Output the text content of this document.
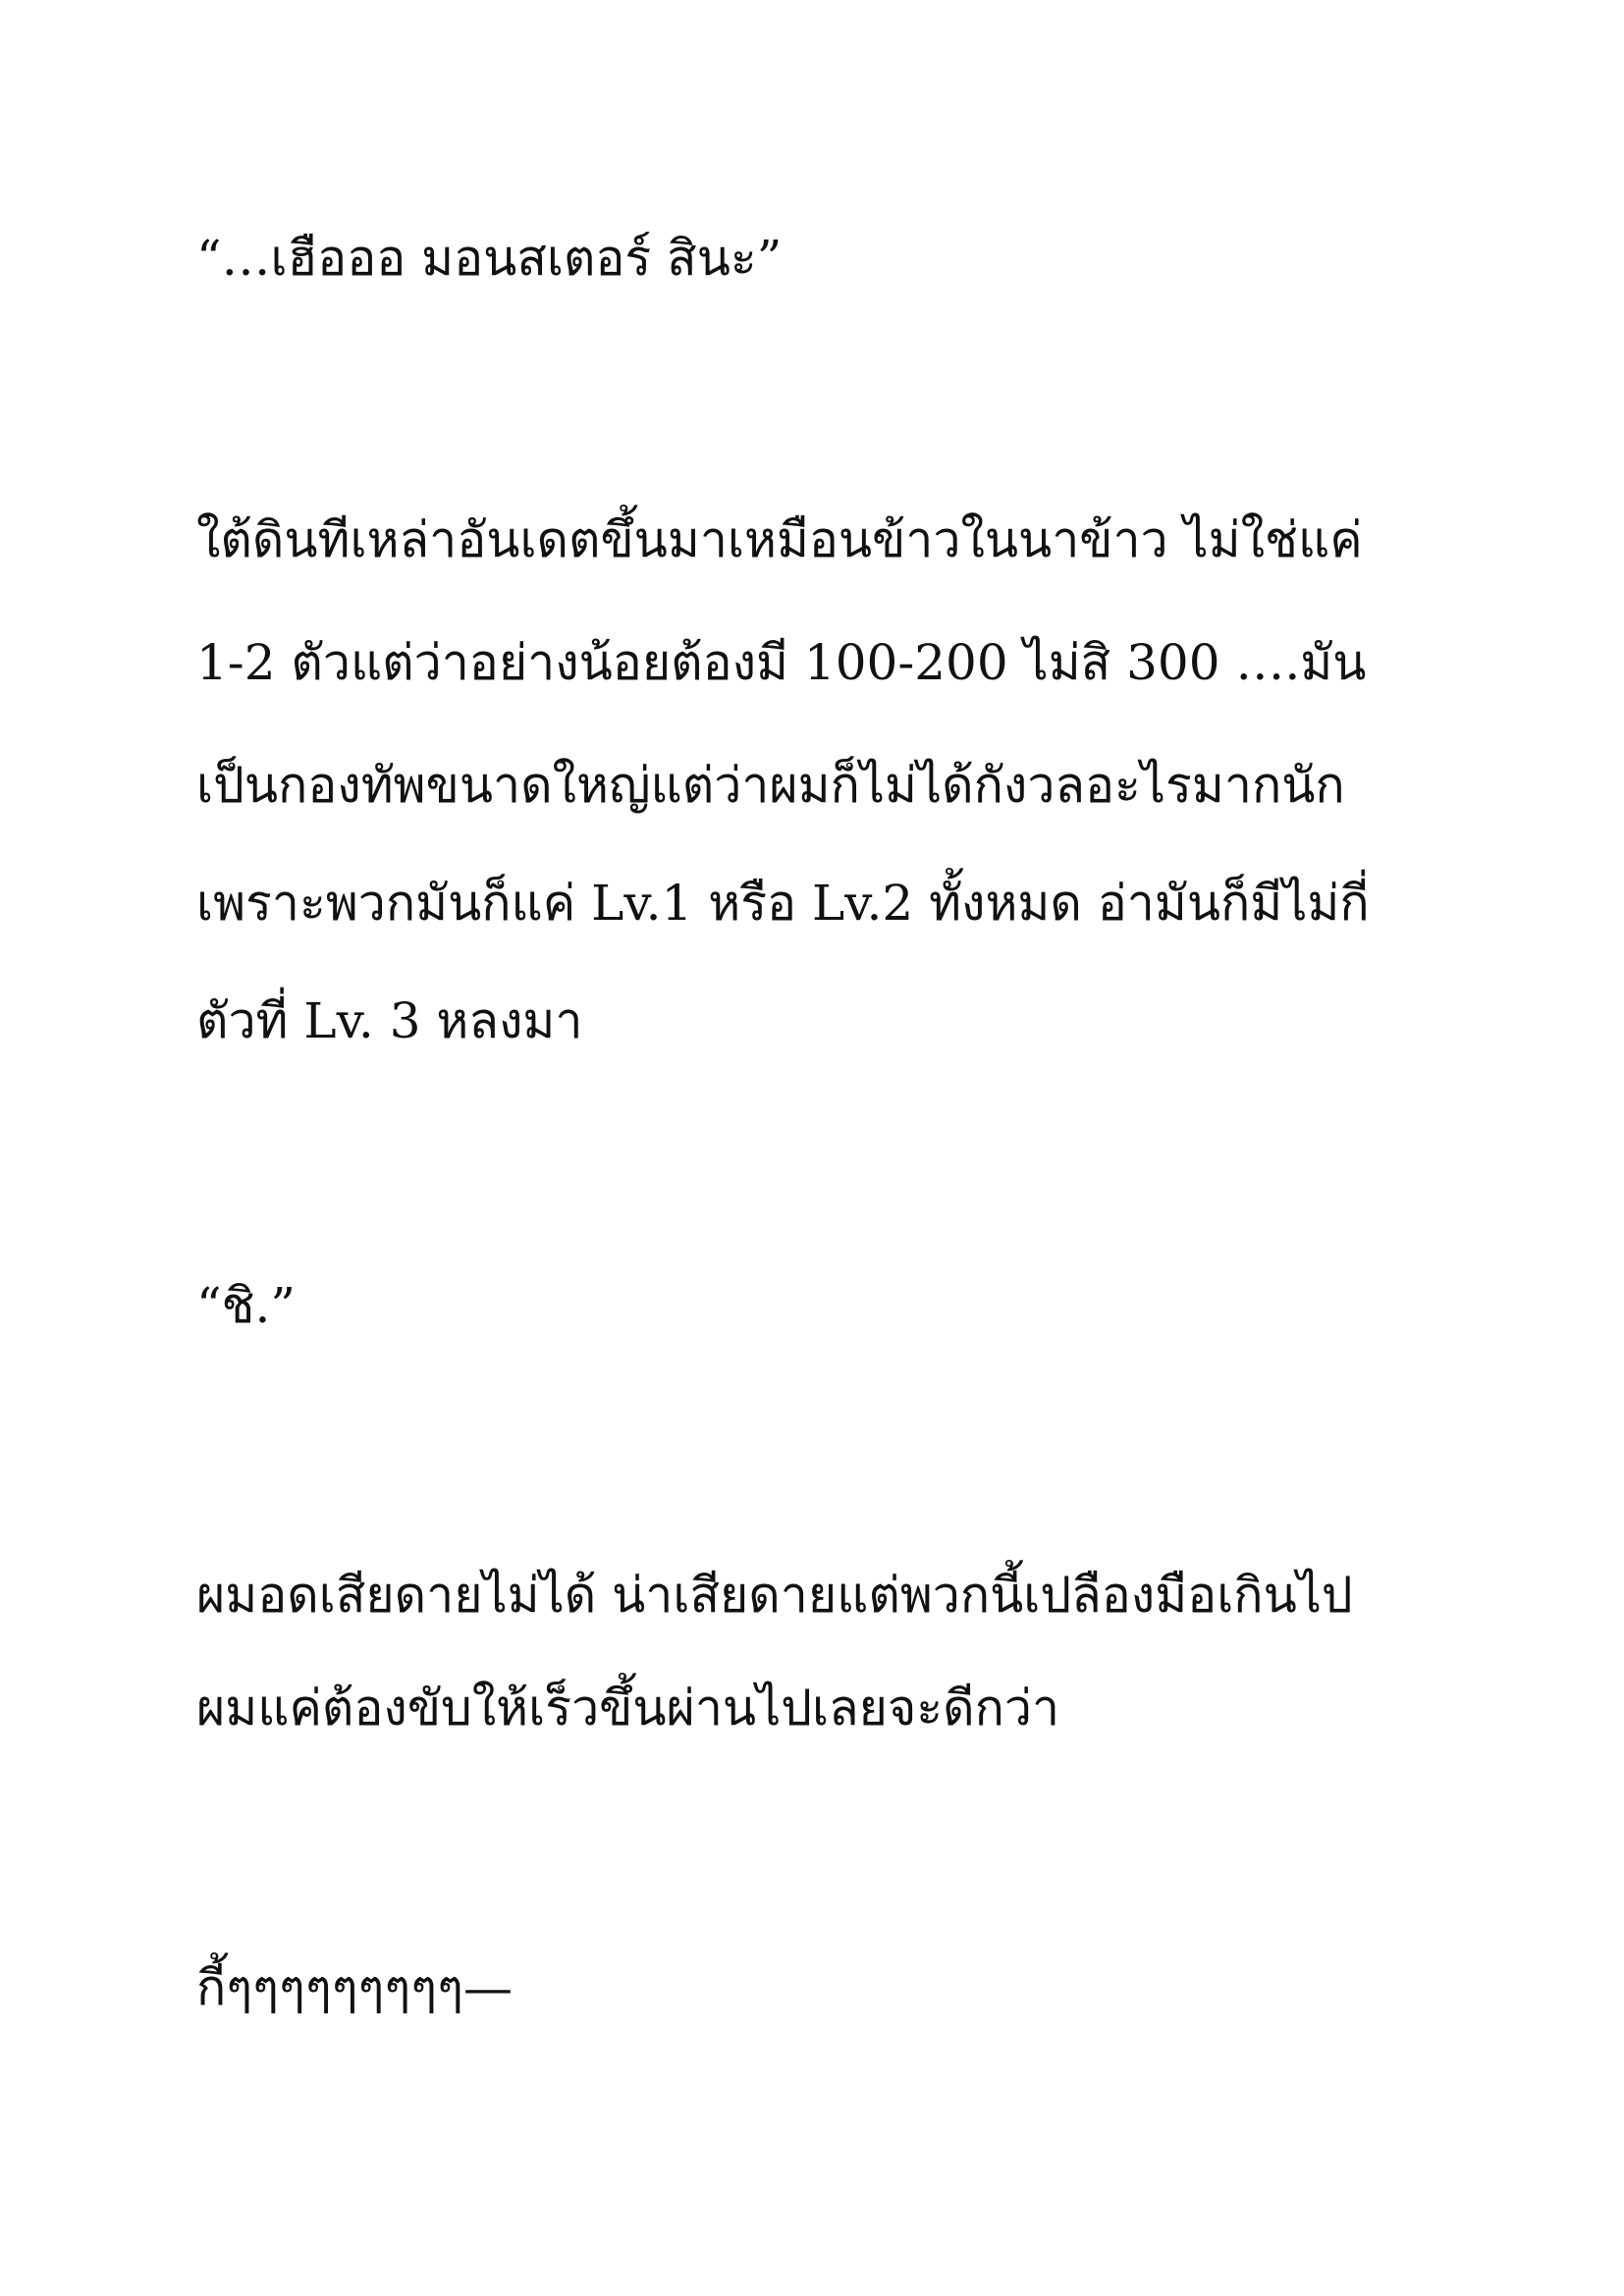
“…เฮือออ มอนสเตอร์ สินะ”

ใต้ดินทีเหล่าอันเดตขึ้นมาเหมือนข้าวในนาข้าว ไม่ใช่แค่

1-2 ตัวแต่ว่าอย่างน้อยต้องมี 100-200 ไม่สิ 300 ….มัน

เป็นกองทัพขนาดใหญ่แต่ว่าผมก็ไม่ได้กังวลอะไรมากนัก

เพราะพวกมันก็แค่ Lv.1 หรือ Lv.2 ทั้งหมด อ่ามันก็มีไม่กี่

ตัวที่ Lv. 3 หลงมา

“ชิ.”

ผมอดเสียดายไม่ได้ น่าเสียดายแต่พวกนี้เปลืองมือเกินไป

ผมแค่ต้องขับให้เร็วขึ้นผ่านไปเลยจะดีกว่า

กี้ๆๆๆๆๆๆๆๆๆ—
